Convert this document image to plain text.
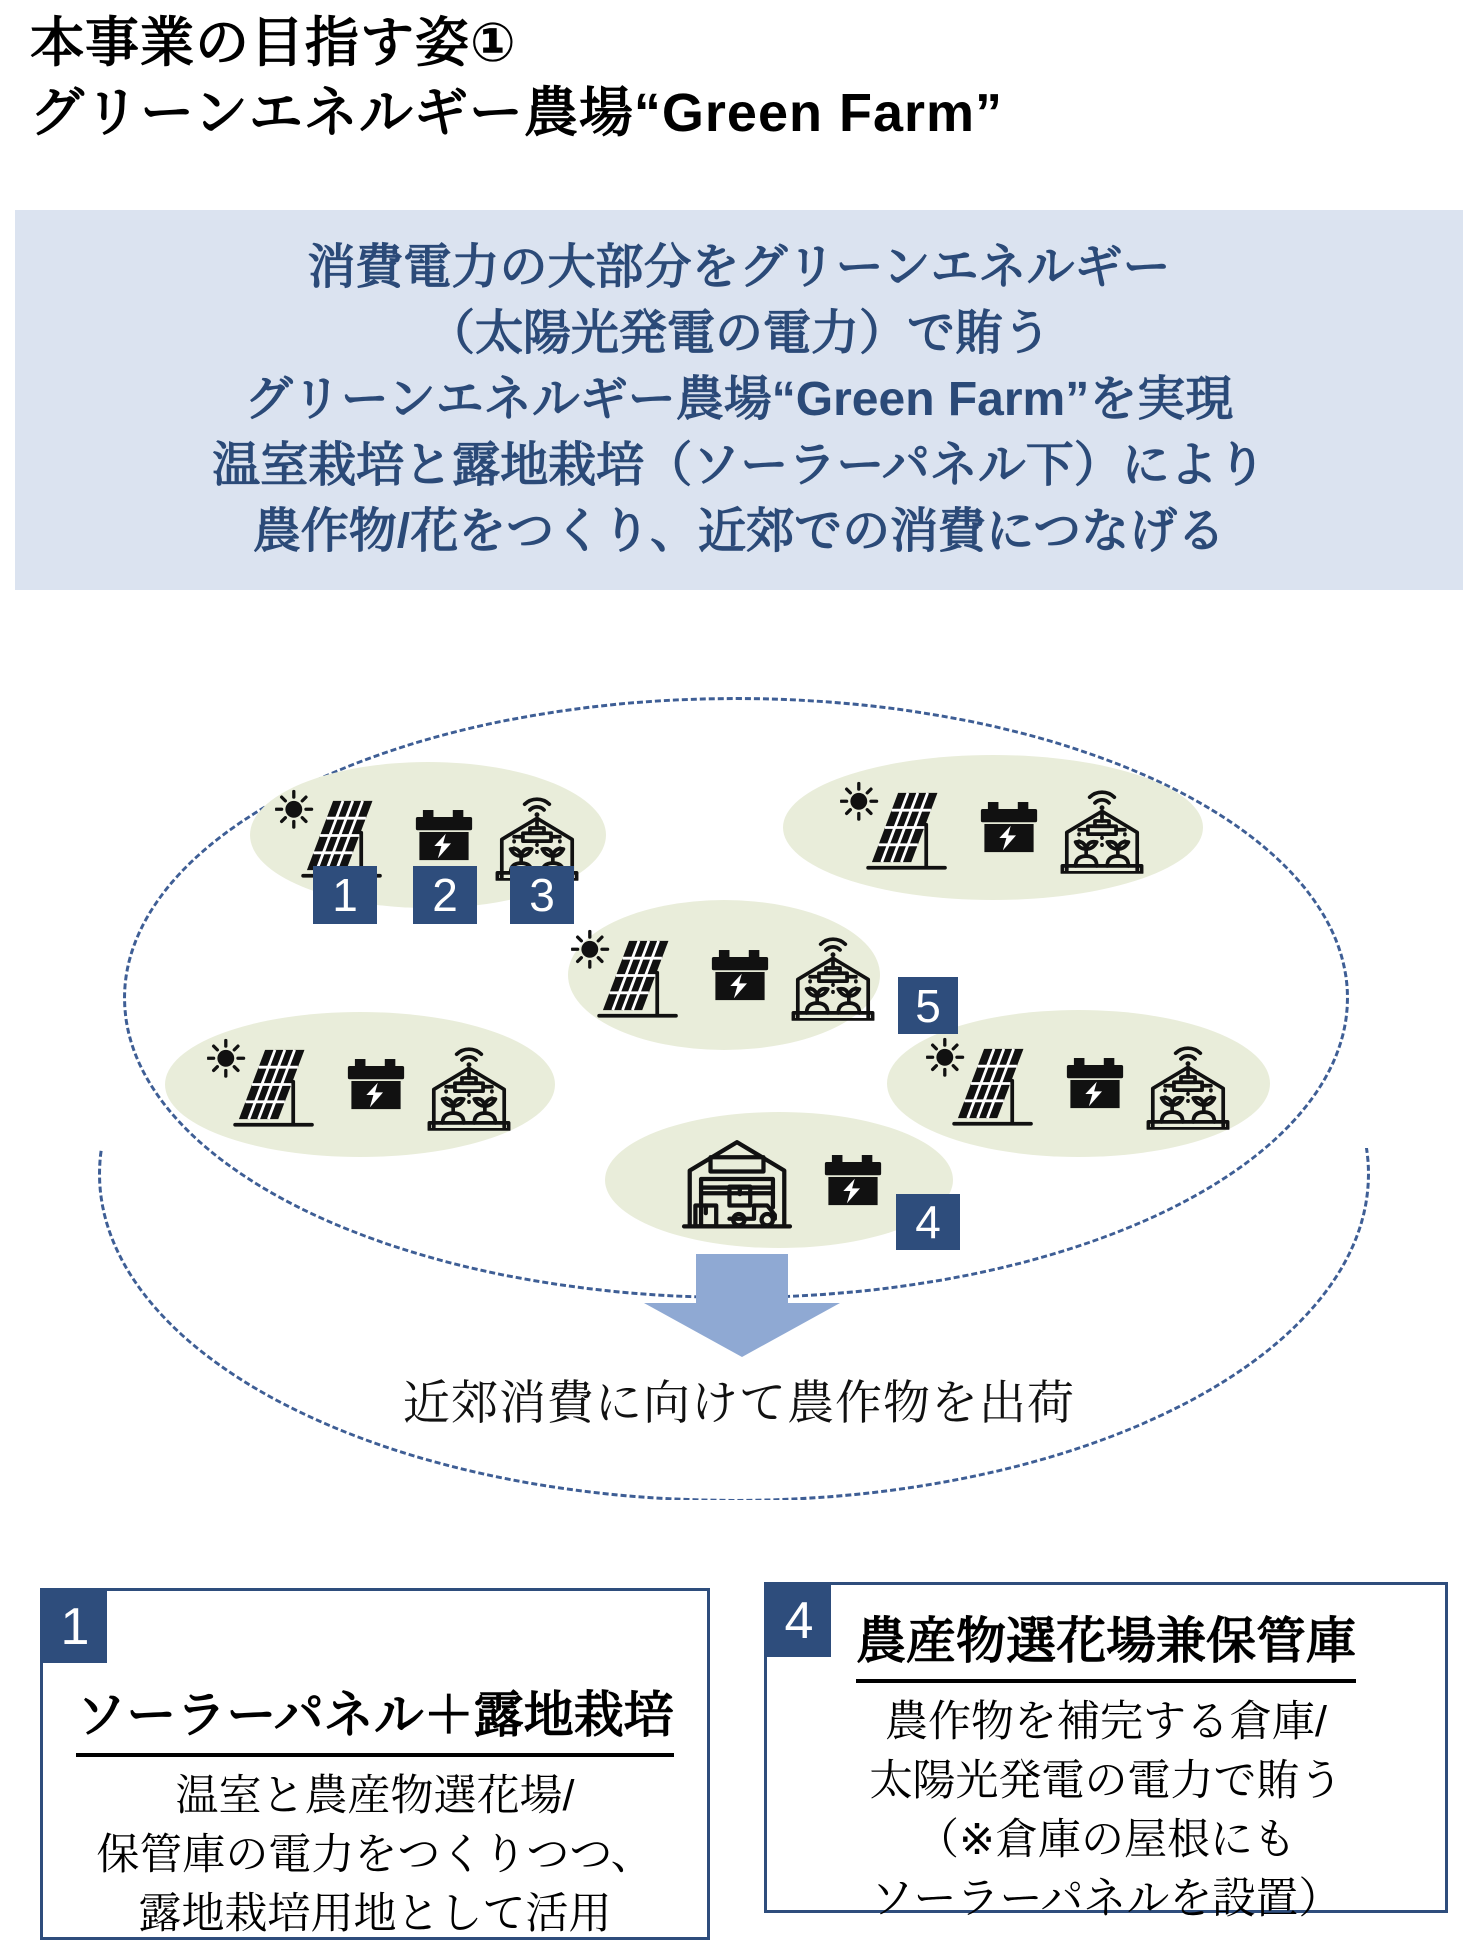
本事業の目指す姿①
グリーンエネルギー農場“Green Farm”
消費電力の大部分をグリーンエネルギー
（太陽光発電の電力）で賄う
グリーンエネルギー農場“Green Farm”を実現
温室栽培と露地栽培（ソーラーパネル下）により
農作物/花をつくり、近郊での消費につなげる
1	2	3
5
4
近郊消費に向けて農作物を出荷
1
ソーラーパネル＋露地栽培
温室と農産物選花場/
保管庫の電力をつくりつつ、
露地栽培用地として活用
4 農産物選花場兼保管庫
農作物を補完する倉庫/
太陽光発電の電力で賄う
（※倉庫の屋根にも
ソーラーパネルを設置）
